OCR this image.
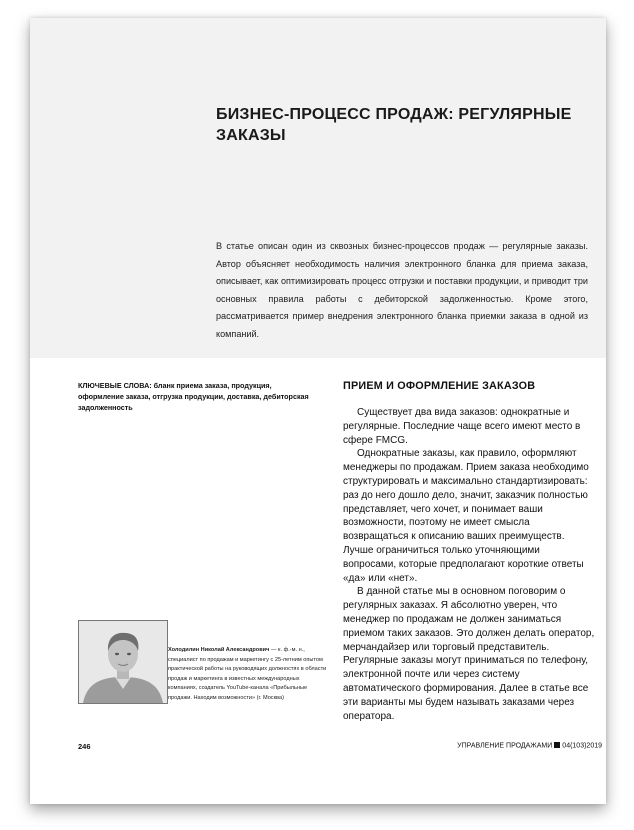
БИЗНЕС-ПРОЦЕСС ПРОДАЖ: РЕГУЛЯРНЫЕ ЗАКАЗЫ
В статье описан один из сквозных бизнес-процессов продаж — регулярные заказы. Автор объясняет необходимость наличия электронного бланка для приема заказа, описывает, как оптимизировать процесс отгрузки и поставки продукции, и приводит три основных правила работы с дебиторской задолженностью. Кроме этого, рассматривается пример внедрения электронного бланка приемки заказа в одной из компаний.
КЛЮЧЕВЫЕ СЛОВА: бланк приема заказа, продукция, оформление заказа, отгрузка продукции, доставка, дебиторская задолженность
ПРИЕМ И ОФОРМЛЕНИЕ ЗАКАЗОВ

Существует два вида заказов: однократные и регулярные. Последние чаще всего имеют место в сфере FMCG.

Однократные заказы, как правило, оформляют менеджеры по продажам. Прием заказа необходимо структурировать и максимально стандартизировать: раз до него дошло дело, значит, заказчик полностью представляет, чего хочет, и понимает ваши возможности, поэтому не имеет смысла возвращаться к описанию ваших преимуществ. Лучше ограничиться только уточняющими вопросами, которые предполагают короткие ответы «да» или «нет».

В данной статье мы в основном поговорим о регулярных заказах. Я абсолютно уверен, что менеджер по продажам не должен заниматься приемом таких заказов. Это должен делать оператор, мерчандайзер или торговый представитель. Регулярные заказы могут приниматься по телефону, электронной почте или через систему автоматического формирования. Далее в статье все эти варианты мы будем называть заказами через оператора.

Холодилин Николай Александрович — к. ф.-м. н., специалист по продажам и маркетингу с 25-летним опытом практической работы на руководящих должностях в области продаж и маркетинга в известных международных компаниях, создатель YouTube-канала «Прибыльные продажи. Находим возможности» (г. Москва)
246	УПРАВЛЕНИЕ ПРОДАЖАМИ 04(103)2019
